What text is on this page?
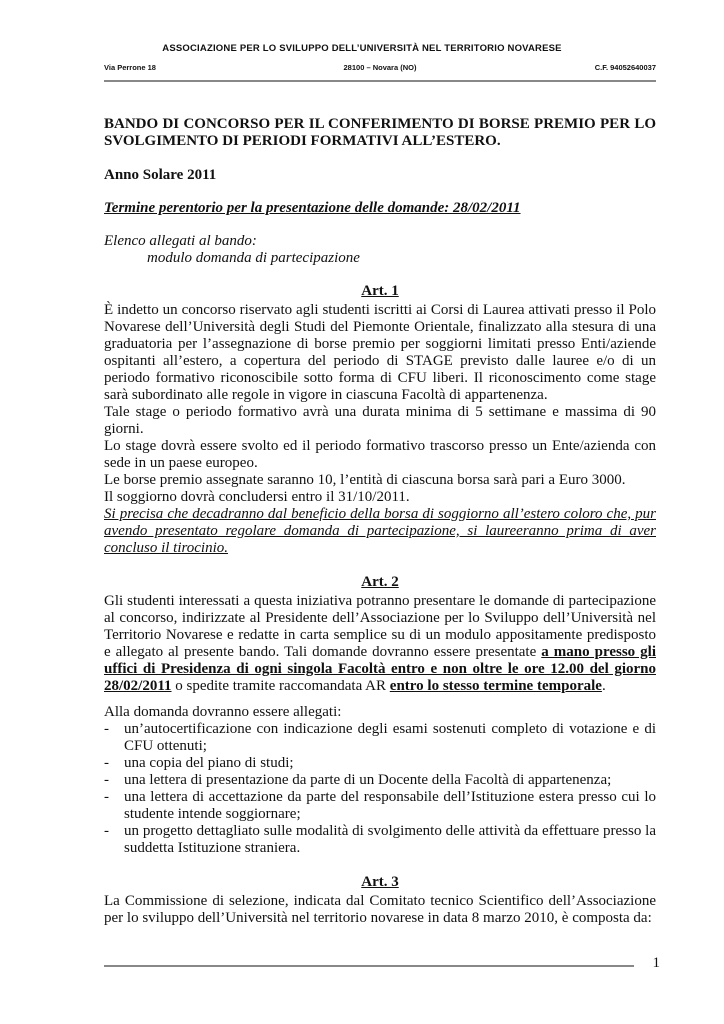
ASSOCIAZIONE PER LO SVILUPPO DELL’UNIVERSITÀ NEL TERRITORIO NOVARESE
28100 – Novara (NO)
Via Perrone 18	C.F. 94052640037

BANDO DI CONCORSO PER IL CONFERIMENTO DI BORSE PREMIO PER LO SVOLGIMENTO DI PERIODI FORMATIVI ALL’ESTERO.

Anno Solare 2011

Termine perentorio per la presentazione delle domande: 28/02/2011

Elenco allegati al bando:

modulo domanda di partecipazione

Art. 1

È indetto un concorso riservato agli studenti iscritti ai Corsi di Laurea attivati presso il Polo Novarese dell’Università degli Studi del Piemonte Orientale, finalizzato alla stesura di una graduatoria per l’assegnazione di borse premio per soggiorni limitati presso Enti/aziende ospitanti all’estero, a copertura del periodo di STAGE previsto dalle lauree e/o di un periodo formativo riconoscibile sotto forma di CFU liberi. Il riconoscimento come stage sarà subordinato alle regole in vigore in ciascuna Facoltà di appartenenza.

Tale stage o periodo formativo avrà una durata minima di 5 settimane e massima di 90 giorni.

Lo stage dovrà essere svolto ed il periodo formativo trascorso presso un Ente/azienda con sede in un paese europeo.

Le borse premio assegnate saranno 10, l’entità di ciascuna borsa sarà pari a Euro 3000.

Il soggiorno dovrà concludersi entro il 31/10/2011.

Si precisa che decadranno dal beneficio della borsa di soggiorno all’estero coloro che, pur avendo presentato regolare domanda di partecipazione, si laureeranno prima di aver concluso il tirocinio.

Art. 2

Gli studenti interessati a questa iniziativa potranno presentare le domande di partecipazione al concorso, indirizzate al Presidente dell’Associazione per lo Sviluppo dell’Università nel Territorio Novarese e redatte in carta semplice su di un modulo appositamente predisposto e allegato al presente bando. Tali domande dovranno essere presentate a mano presso gli uffici di Presidenza di ogni singola Facoltà entro e non oltre le ore 12.00 del giorno 28/02/2011 o spedite tramite raccomandata AR entro lo stesso termine temporale.

Alla domanda dovranno essere allegati:

-	un’autocertificazione con indicazione degli esami sostenuti completo di votazione e di CFU ottenuti;
-	una copia del piano di studi;
-	una lettera di presentazione da parte di un Docente della Facoltà di appartenenza;
-	una lettera di accettazione da parte del responsabile dell’Istituzione estera presso cui lo studente intende soggiornare;
-	un progetto dettagliato sulle modalità di svolgimento delle attività da effettuare presso la suddetta Istituzione straniera.

Art. 3

La Commissione di selezione, indicata dal Comitato tecnico Scientifico dell’Associazione per lo sviluppo dell’Università nel territorio novarese in data 8 marzo 2010, è composta da:

1
